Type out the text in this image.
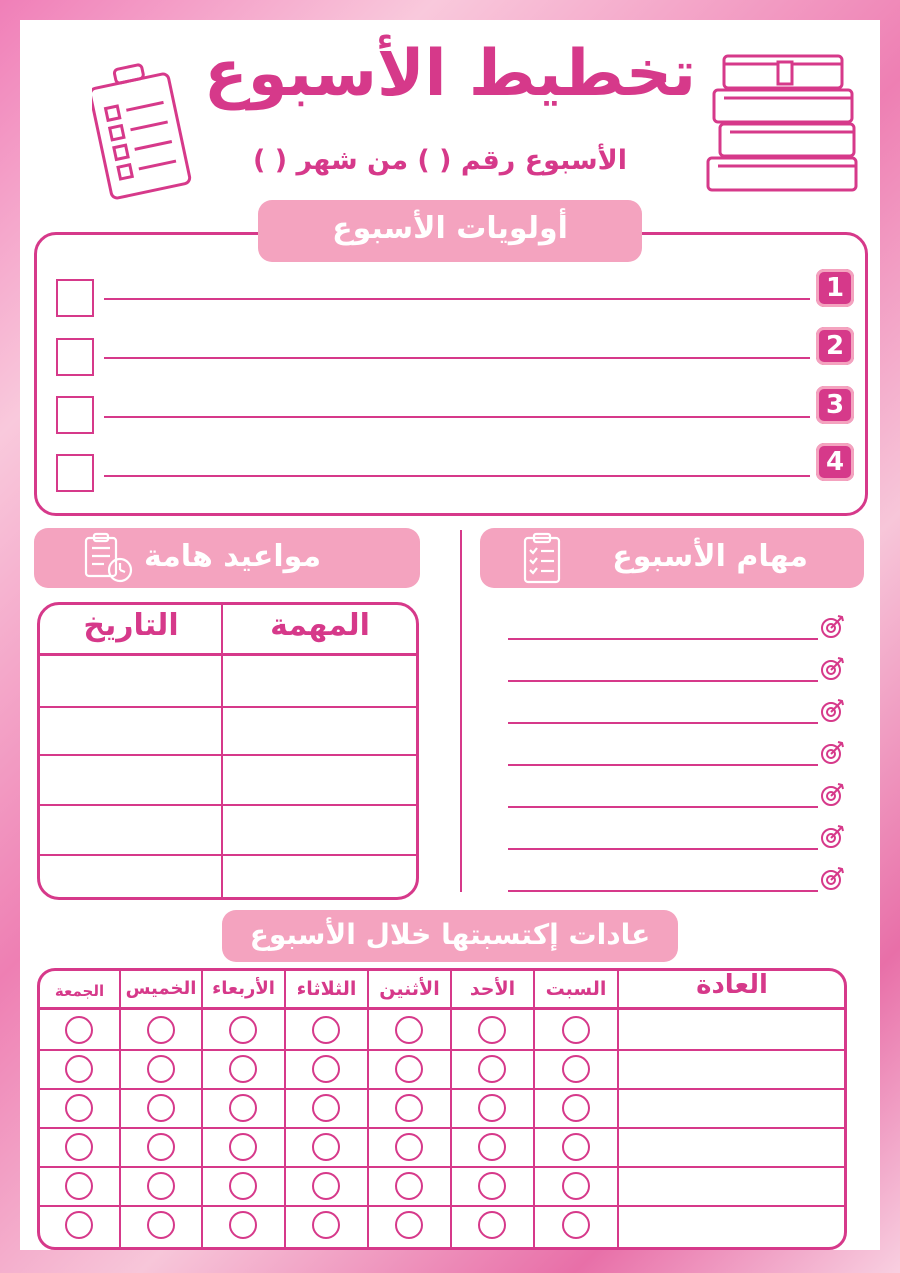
تخطيط الأسبوع
الأسبوع رقم ( ) من شهر ( )
أولويات الأسبوع
1
2
3
4
مواعيد هامة	مهام الأسبوع
المهمة
التاريخ
عادات إكتسبتها خلال الأسبوع
العادة
السبت
الأحد
الأثنين
الثلاثاء
الأربعاء
الخميس
الجمعة
